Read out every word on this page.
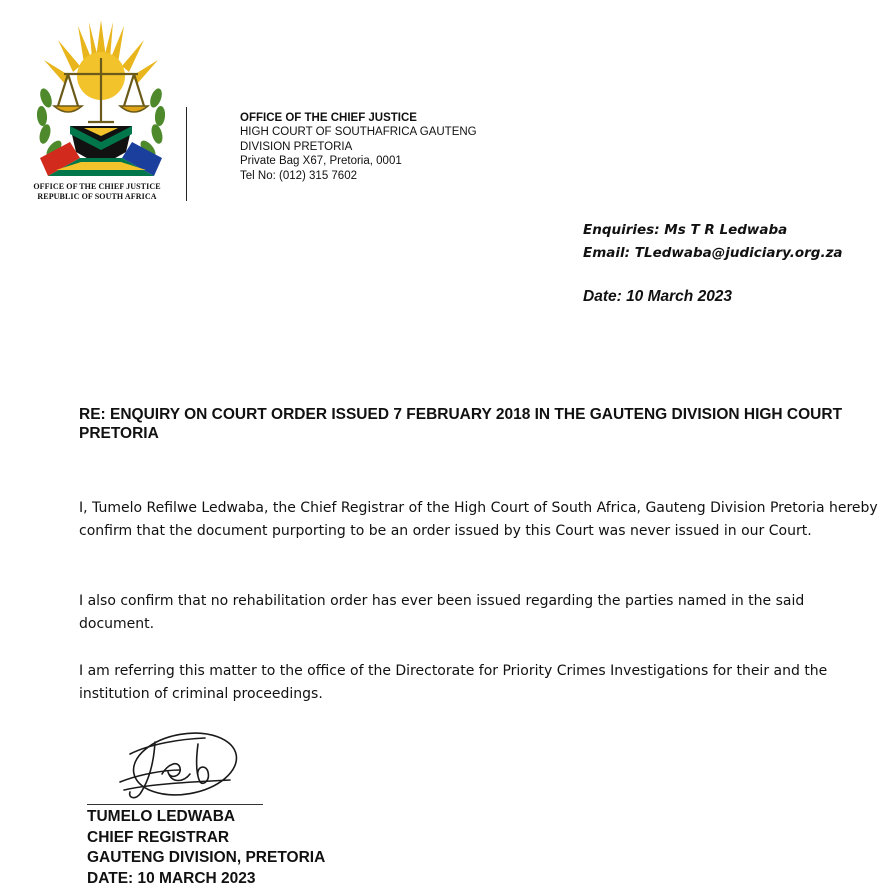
OFFICE OF THE CHIEF JUSTICE
REPUBLIC OF SOUTH AFRICA
OFFICE OF THE CHIEF JUSTICE
HIGH COURT OF SOUTHAFRICA GAUTENG
DIVISION PRETORIA
Private Bag X67, Pretoria, 0001
Tel No: (012) 315 7602
Enquiries: Ms T R Ledwaba
Email: TLedwaba@judiciary.org.za
Date: 10 March 2023

RE: ENQUIRY ON COURT ORDER ISSUED 7 FEBRUARY 2018 IN THE GAUTENG DIVISION HIGH COURT PRETORIA

I, Tumelo Refilwe Ledwaba, the Chief Registrar of the High Court of South Africa, Gauteng Division Pretoria hereby confirm that the document purporting to be an order issued by this Court was never issued in our Court.

I also confirm that no rehabilitation order has ever been issued regarding the parties named in the said document.

I am referring this matter to the office of the Directorate for Priority Crimes Investigations for their and the institution of criminal proceedings.

TUMELO LEDWABA
CHIEF REGISTRAR
GAUTENG DIVISION, PRETORIA
DATE: 10 MARCH 2023
